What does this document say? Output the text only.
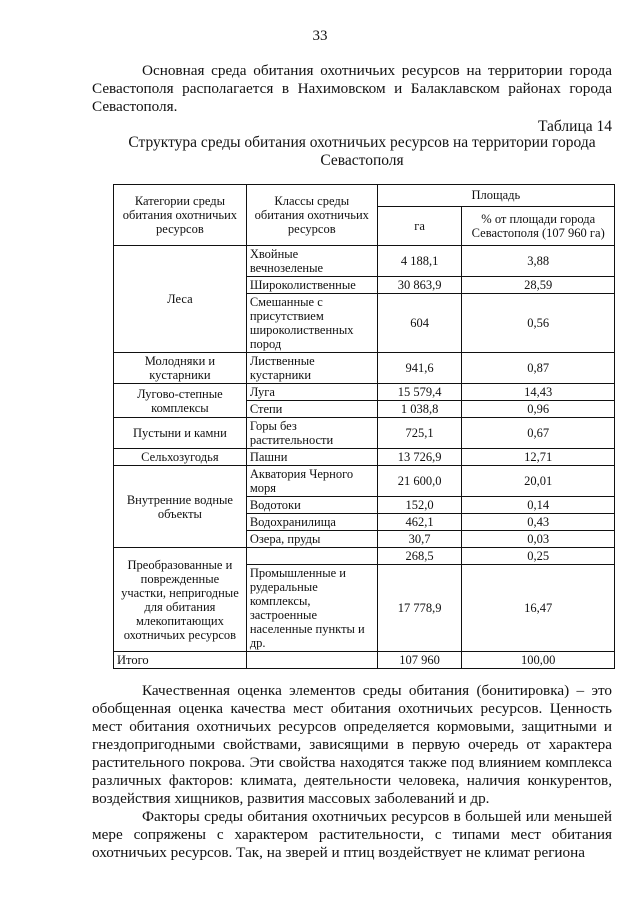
33

Основная среда обитания охотничьих ресурсов на территории города Севастополя располагается в Нахимовском и Балаклавском районах города Севастополя.

Таблица 14
Структура среды обитания охотничьих ресурсов на территории города Севастополя
Категории среды обитания охотничьих ресурсов	Классы среды обитания охотничьих ресурсов	Площадь	
		га	% от площади города Севастополя (107 960 га)
Леса	Хвойные вечнозеленые	4 188,1	3,88
	Широколиственные	30 863,9	28,59
	Смешанные с присутствием широколиственных пород	604	0,56
Молодняки и кустарники	Лиственные кустарники	941,6	0,87
Лугово-степные комплексы	Луга	15 579,4	14,43
	Степи	1 038,8	0,96
Пустыни и камни	Горы без растительности	725,1	0,67
Сельхозугодья	Пашни	13 726,9	12,71
Внутренние водные объекты	Акватория Черного моря	21 600,0	20,01
	Водотоки	152,0	0,14
	Водохранилища	462,1	0,43
	Озера, пруды	30,7	0,03
Преобразованные и поврежденные участки, непригодные для обитания млекопитающих охотничьих ресурсов		268,5	0,25
	Промышленные и рудеральные комплексы, застроенные населенные пункты и др.	17 778,9	16,47
Итого		107 960	100,00

Качественная оценка элементов среды обитания (бонитировка) – это обобщенная оценка качества мест обитания охотничьих ресурсов. Ценность мест обитания охотничьих ресурсов определяется кормовыми, защитными и гнездопригодными свойствами, зависящими в первую очередь от характера растительного покрова. Эти свойства находятся также под влиянием комплекса различных факторов: климата, деятельности человека, наличия конкурентов, воздействия хищников, развития массовых заболеваний и др.

Факторы среды обитания охотничьих ресурсов в большей или меньшей мере сопряжены с характером растительности, с типами мест обитания охотничьих ресурсов. Так, на зверей и птиц воздействует не климат региона
